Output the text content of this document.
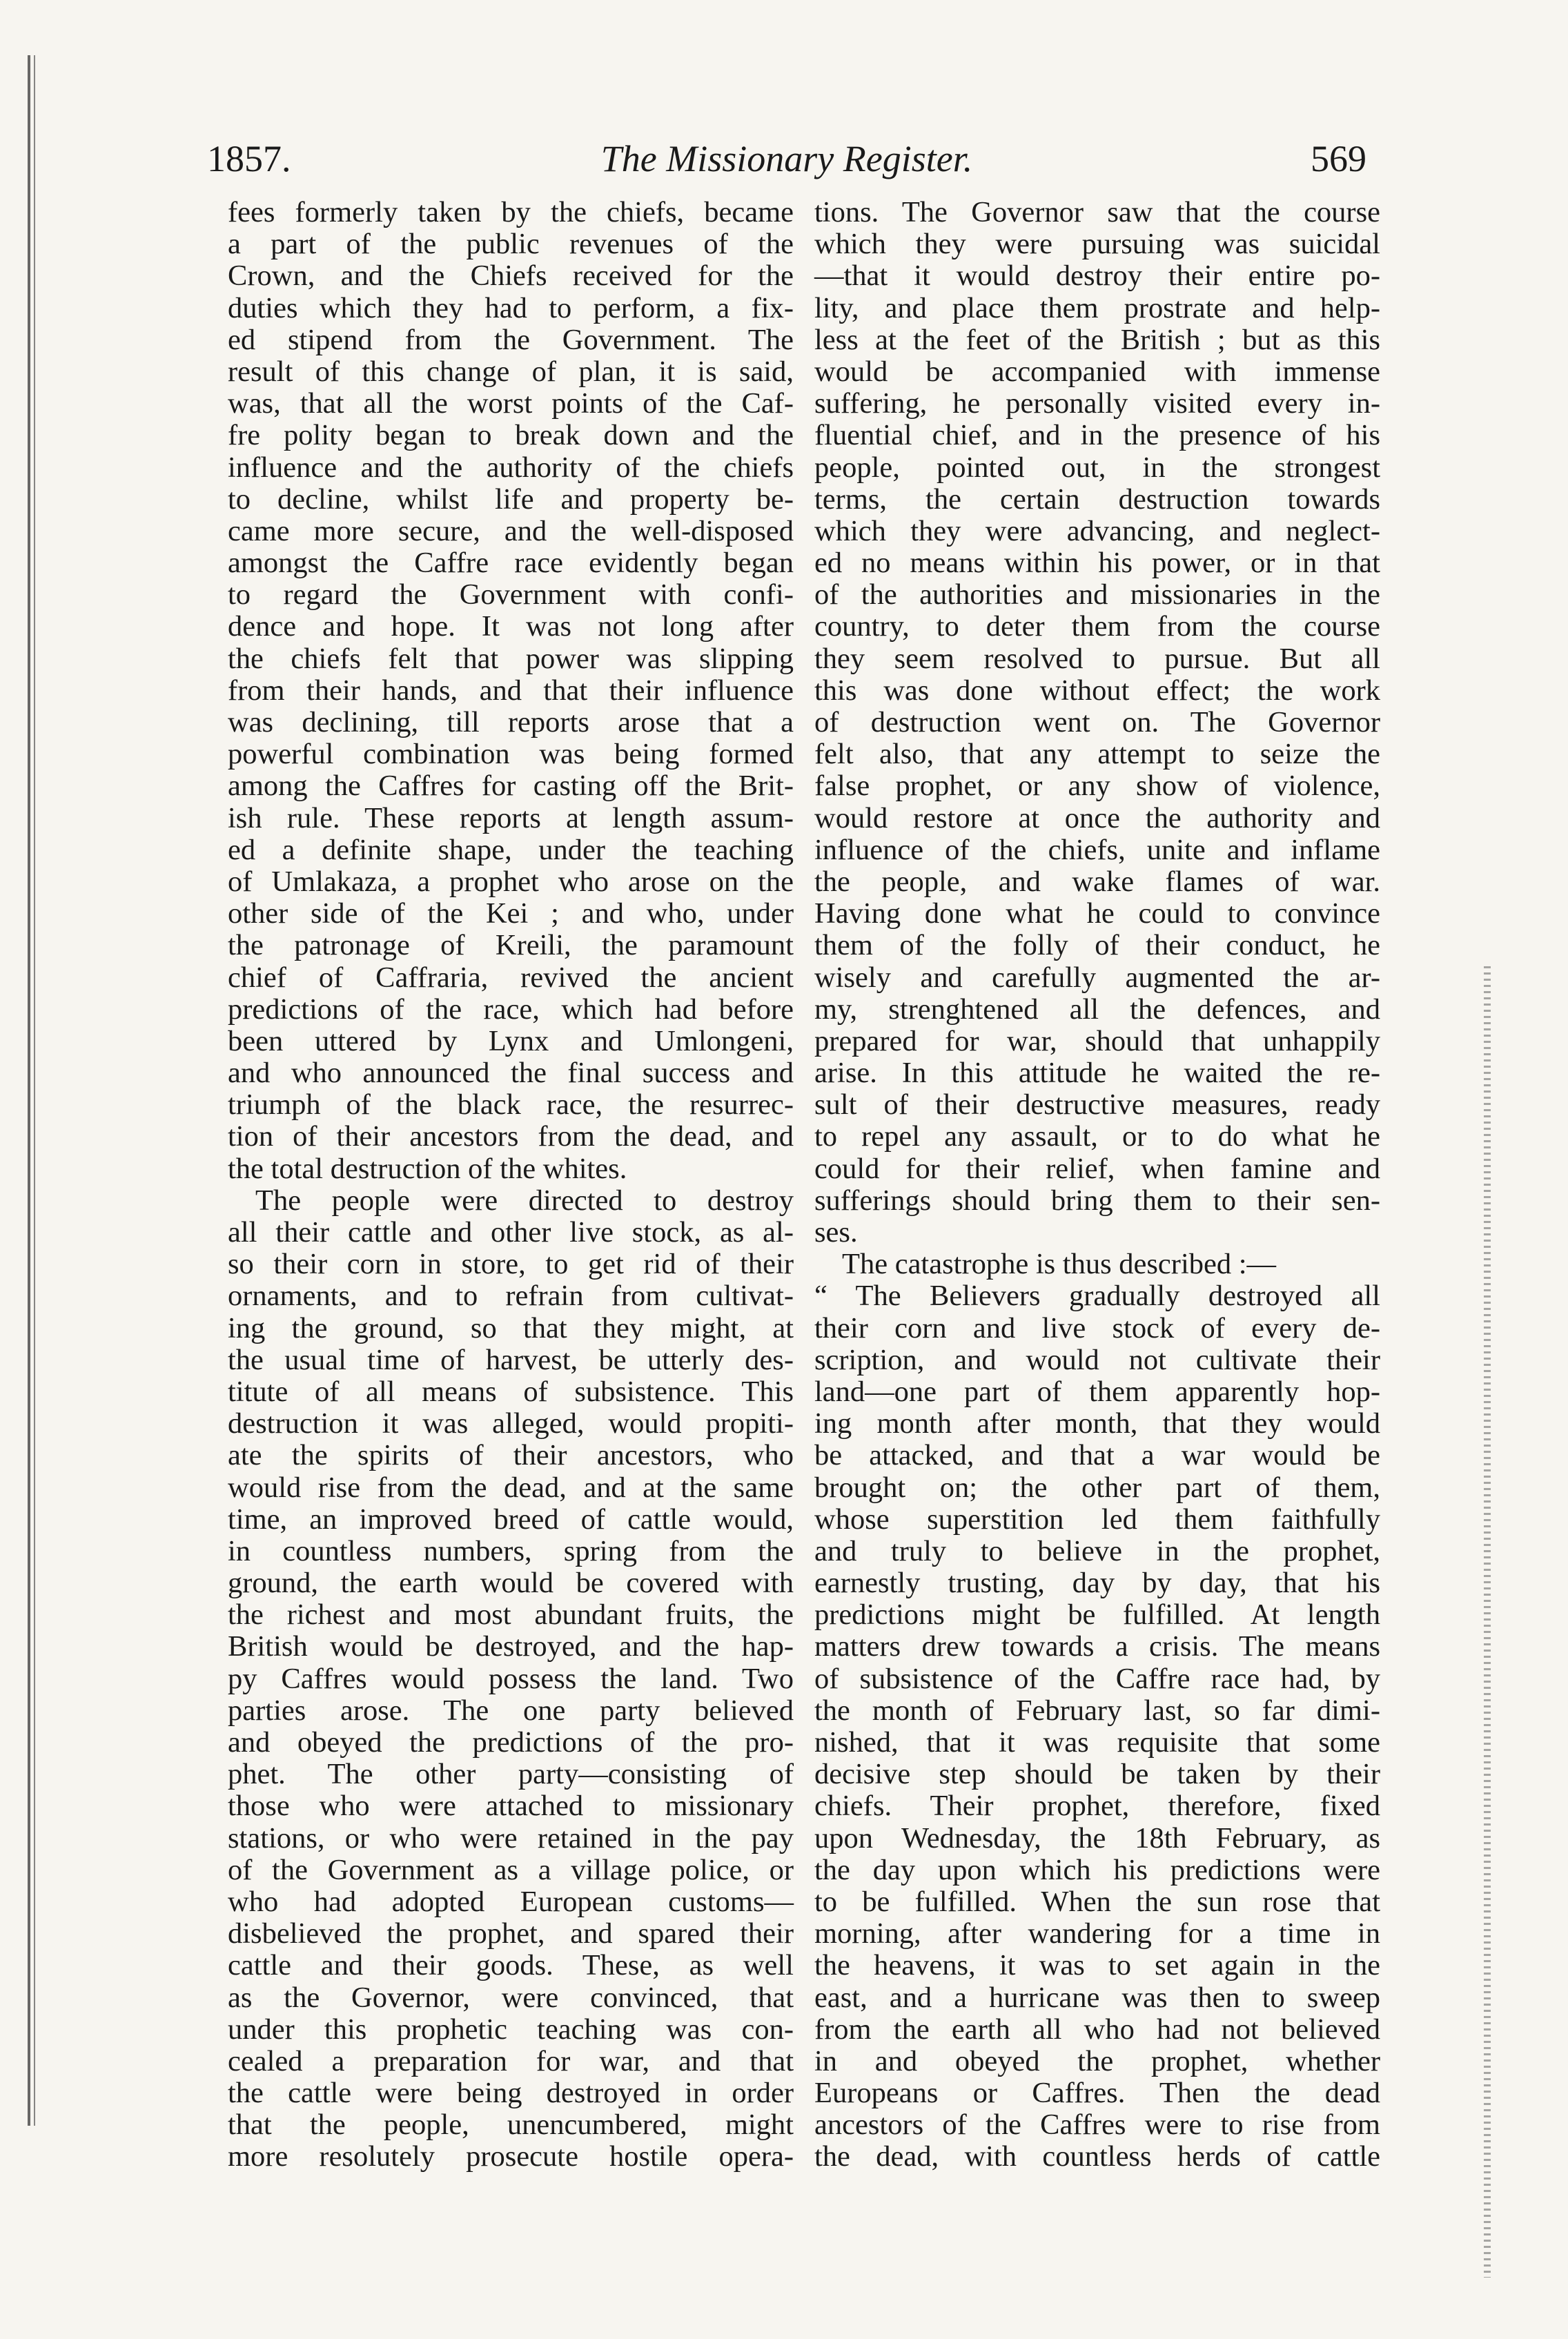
1857.	The Missionary Register.	569
fees formerly taken by the chiefs, became
a part of the public revenues of the
Crown, and the Chiefs received for the
duties which they had to perform, a fix-
ed stipend from the Government. The
result of this change of plan, it is said,
was, that all the worst points of the Caf-
fre polity began to break down and the
influence and the authority of the chiefs
to decline, whilst life and property be-
came more secure, and the well-disposed
amongst the Caffre race evidently began
to regard the Government with confi-
dence and hope. It was not long after
the chiefs felt that power was slipping
from their hands, and that their influence
was declining, till reports arose that a
powerful combination was being formed
among the Caffres for casting off the Brit-
ish rule. These reports at length assum-
ed a definite shape, under the teaching
of Umlakaza, a prophet who arose on the
other side of the Kei ; and who, under
the patronage of Kreili, the paramount
chief of Caffraria, revived the ancient
predictions of the race, which had before
been uttered by Lynx and Umlongeni,
and who announced the final success and
triumph of the black race, the resurrec-
tion of their ancestors from the dead, and
the total destruction of the whites.
The people were directed to destroy
all their cattle and other live stock, as al-
so their corn in store, to get rid of their
ornaments, and to refrain from cultivat-
ing the ground, so that they might, at
the usual time of harvest, be utterly des-
titute of all means of subsistence. This
destruction it was alleged, would propiti-
ate the spirits of their ancestors, who
would rise from the dead, and at the same
time, an improved breed of cattle would,
in countless numbers, spring from the
ground, the earth would be covered with
the richest and most abundant fruits, the
British would be destroyed, and the hap-
py Caffres would possess the land. Two
parties arose. The one party believed
and obeyed the predictions of the pro-
phet. The other party—consisting of
those who were attached to missionary
stations, or who were retained in the pay
of the Government as a village police, or
who had adopted European customs—
disbelieved the prophet, and spared their
cattle and their goods. These, as well
as the Governor, were convinced, that
under this prophetic teaching was con-
cealed a preparation for war, and that
the cattle were being destroyed in order
that the people, unencumbered, might
more resolutely prosecute hostile opera-
tions. The Governor saw that the course
which they were pursuing was suicidal
—that it would destroy their entire po-
lity, and place them prostrate and help-
less at the feet of the British ; but as this
would be accompanied with immense
suffering, he personally visited every in-
fluential chief, and in the presence of his
people, pointed out, in the strongest
terms, the certain destruction towards
which they were advancing, and neglect-
ed no means within his power, or in that
of the authorities and missionaries in the
country, to deter them from the course
they seem resolved to pursue. But all
this was done without effect; the work
of destruction went on. The Governor
felt also, that any attempt to seize the
false prophet, or any show of violence,
would restore at once the authority and
influence of the chiefs, unite and inflame
the people, and wake flames of war.
Having done what he could to convince
them of the folly of their conduct, he
wisely and carefully augmented the ar-
my, strenghtened all the defences, and
prepared for war, should that unhappily
arise. In this attitude he waited the re-
sult of their destructive measures, ready
to repel any assault, or to do what he
could for their relief, when famine and
sufferings should bring them to their sen-
ses.
The catastrophe is thus described :—
“ The Believers gradually destroyed all
their corn and live stock of every de-
scription, and would not cultivate their
land—one part of them apparently hop-
ing month after month, that they would
be attacked, and that a war would be
brought on; the other part of them,
whose superstition led them faithfully
and truly to believe in the prophet,
earnestly trusting, day by day, that his
predictions might be fulfilled. At length
matters drew towards a crisis. The means
of subsistence of the Caffre race had, by
the month of February last, so far dimi-
nished, that it was requisite that some
decisive step should be taken by their
chiefs. Their prophet, therefore, fixed
upon Wednesday, the 18th February, as
the day upon which his predictions were
to be fulfilled. When the sun rose that
morning, after wandering for a time in
the heavens, it was to set again in the
east, and a hurricane was then to sweep
from the earth all who had not believed
in and obeyed the prophet, whether
Europeans or Caffres. Then the dead
ancestors of the Caffres were to rise from
the dead, with countless herds of cattle
